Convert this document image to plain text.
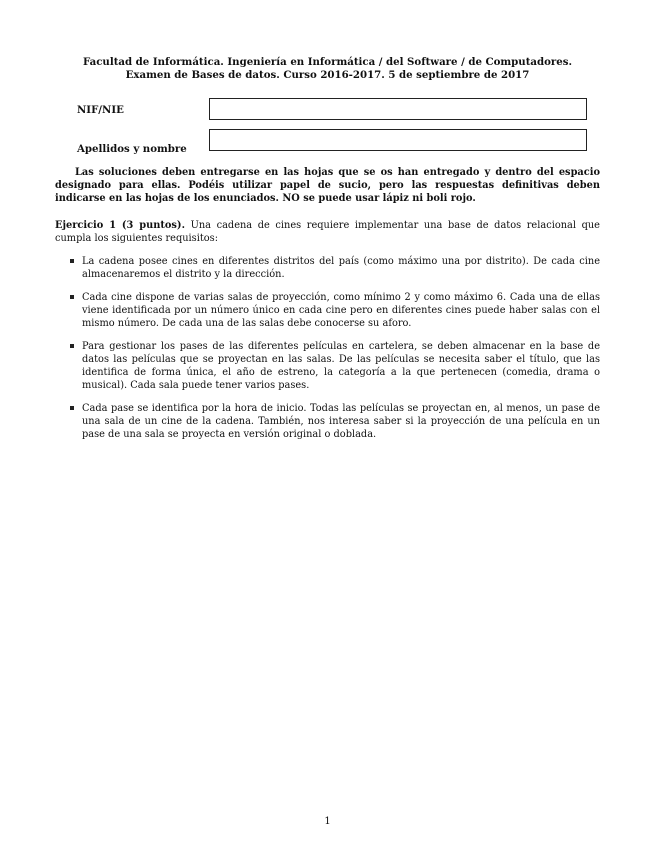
Facultad de Informática. Ingeniería en Informática / del Software / de Computadores.
Examen de Bases de datos. Curso 2016-2017. 5 de septiembre de 2017
NIF/NIE
Apellidos y nombre
Las soluciones deben entregarse en las hojas que se os han entregado y dentro del espacio designado para ellas. Podéis utilizar papel de sucio, pero las respuestas definitivas deben indicarse en las hojas de los enunciados. NO se puede usar lápiz ni boli rojo.
Ejercicio 1 (3 puntos). Una cadena de cines requiere implementar una base de datos relacional que cumpla los siguientes requisitos:
La cadena posee cines en diferentes distritos del país (como máximo una por distrito). De cada cine almacenaremos el distrito y la dirección.
Cada cine dispone de varias salas de proyección, como mínimo 2 y como máximo 6. Cada una de ellas viene identificada por un número único en cada cine pero en diferentes cines puede haber salas con el mismo número. De cada una de las salas debe conocerse su aforo.
Para gestionar los pases de las diferentes películas en cartelera, se deben almacenar en la base de datos las películas que se proyectan en las salas. De las películas se necesita saber el título, que las identifica de forma única, el año de estreno, la categoría a la que pertenecen (comedia, drama o musical). Cada sala puede tener varios pases.
Cada pase se identifica por la hora de inicio. Todas las películas se proyectan en, al menos, un pase de una sala de un cine de la cadena. También, nos interesa saber si la proyección de una película en un pase de una sala se proyecta en versión original o doblada.
1
